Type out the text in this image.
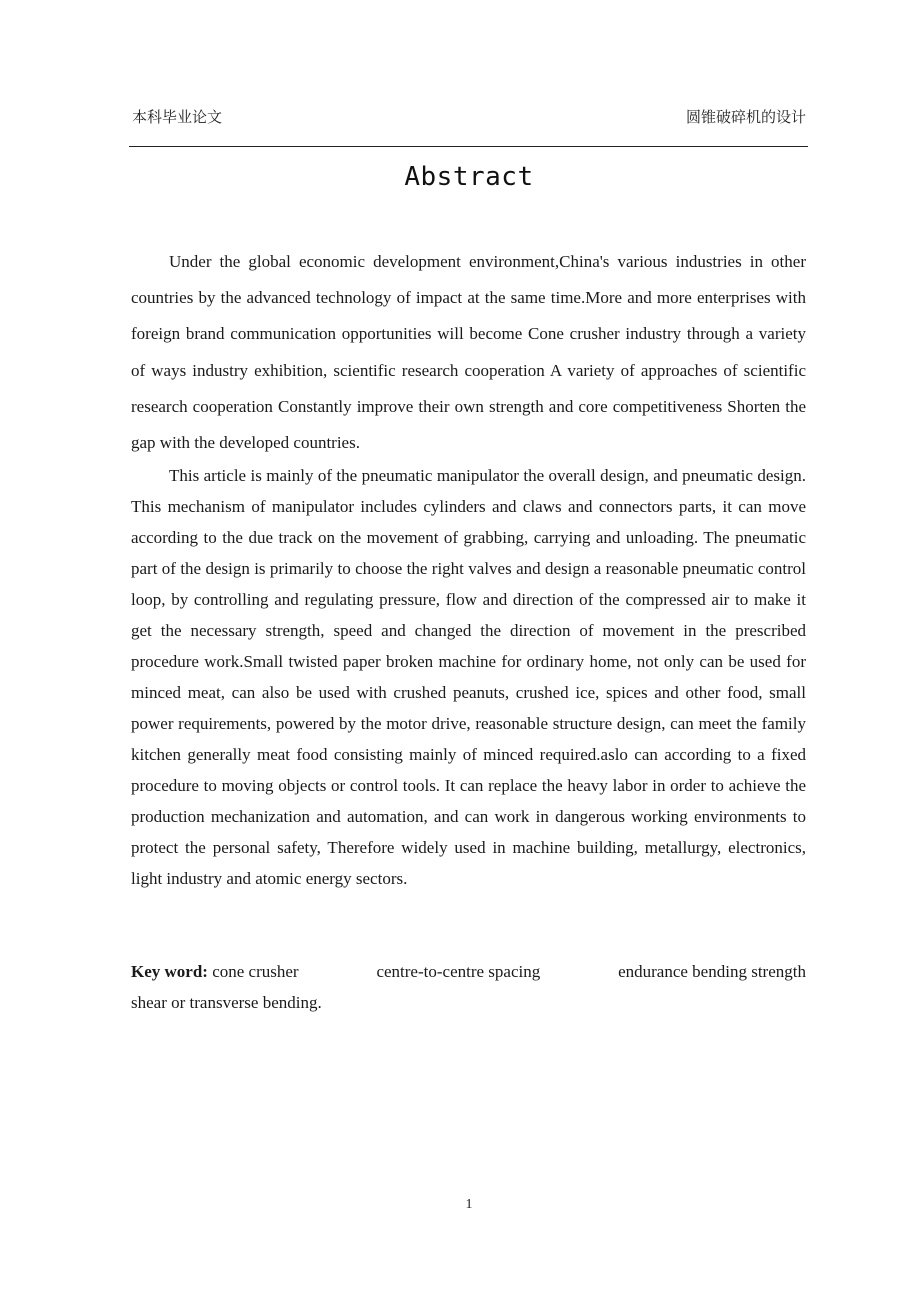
本科毕业论文	圆锥破碎机的设计
Abstract

Under the global economic development environment,China's various industries in other countries by the advanced technology of impact at the same time.More and more enterprises with foreign brand communication opportunities will become Cone crusher industry through a variety of ways industry exhibition, scientific research cooperation A variety of approaches of scientific research cooperation Constantly improve their own strength and core competitiveness Shorten the gap with the developed countries.

This article is mainly of the pneumatic manipulator the overall design, and pneumatic design. This mechanism of manipulator includes cylinders and claws and connectors parts, it can move according to the due track on the movement of grabbing, carrying and unloading. The pneumatic part of the design is primarily to choose the right valves and design a reasonable pneumatic control loop, by controlling and regulating pressure, flow and direction of the compressed air to make it get the necessary strength, speed and changed the direction of movement in the prescribed procedure work.Small twisted paper broken machine for ordinary home, not only can be used for minced meat, can also be used with crushed peanuts, crushed ice, spices and other food, small power requirements, powered by the motor drive, reasonable structure design, can meet the family kitchen generally meat food consisting mainly of minced required.aslo can according to a fixed procedure to moving objects or control tools. It can replace the heavy labor in order to achieve the production mechanization and automation, and can work in dangerous working environments to protect the personal safety, Therefore widely used in machine building, metallurgy, electronics, light industry and atomic energy sectors.

Key word: cone crusher	centre-to-centre spacing	endurance bending strength
shear or transverse bending.
1
